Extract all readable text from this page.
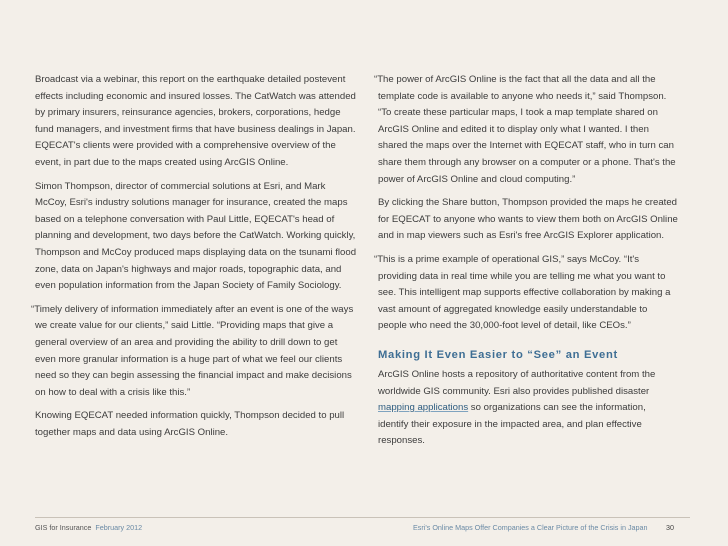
Broadcast via a webinar, this report on the earthquake detailed postevent effects including economic and insured losses. The CatWatch was attended by primary insurers, reinsurance agencies, brokers, corporations, hedge fund managers, and investment firms that have business dealings in Japan. EQECAT's clients were provided with a comprehensive overview of the event, in part due to the maps created using ArcGIS Online.

Simon Thompson, director of commercial solutions at Esri, and Mark McCoy, Esri's industry solutions manager for insurance, created the maps based on a telephone conversation with Paul Little, EQECAT's head of planning and development, two days before the CatWatch. Working quickly, Thompson and McCoy produced maps displaying data on the tsunami flood zone, data on Japan's highways and major roads, topographic data, and even population information from the Japan Society of Family Sociology.

“Timely delivery of information immediately after an event is one of the ways we create value for our clients,” said Little. “Providing maps that give a general overview of an area and providing the ability to drill down to get even more granular information is a huge part of what we feel our clients need so they can begin assessing the financial impact and make decisions on how to deal with a crisis like this.”

Knowing EQECAT needed information quickly, Thompson decided to pull together maps and data using ArcGIS Online.

“The power of ArcGIS Online is the fact that all the data and all the template code is available to anyone who needs it,” said Thompson. “To create these particular maps, I took a map template shared on ArcGIS Online and edited it to display only what I wanted. I then shared the maps over the Internet with EQECAT staff, who in turn can share them through any browser on a computer or a phone. That's the power of ArcGIS Online and cloud computing.”

By clicking the Share button, Thompson provided the maps he created for EQECAT to anyone who wants to view them both on ArcGIS Online and in map viewers such as Esri's free ArcGIS Explorer application.

“This is a prime example of operational GIS,” says McCoy. “It's providing data in real time while you are telling me what you want to see. This intelligent map supports effective collaboration by making a vast amount of aggregated knowledge easily understandable to people who need the 30,000-foot level of detail, like CEOs.”

Making It Even Easier to “See” an Event

ArcGIS Online hosts a repository of authoritative content from the worldwide GIS community. Esri also provides published disaster mapping applications so organizations can see the information, identify their exposure in the impacted area, and plan effective responses.

GIS for Insurance February 2012	Esri's Online Maps Offer Companies a Clear Picture of the Crisis in Japan	30
